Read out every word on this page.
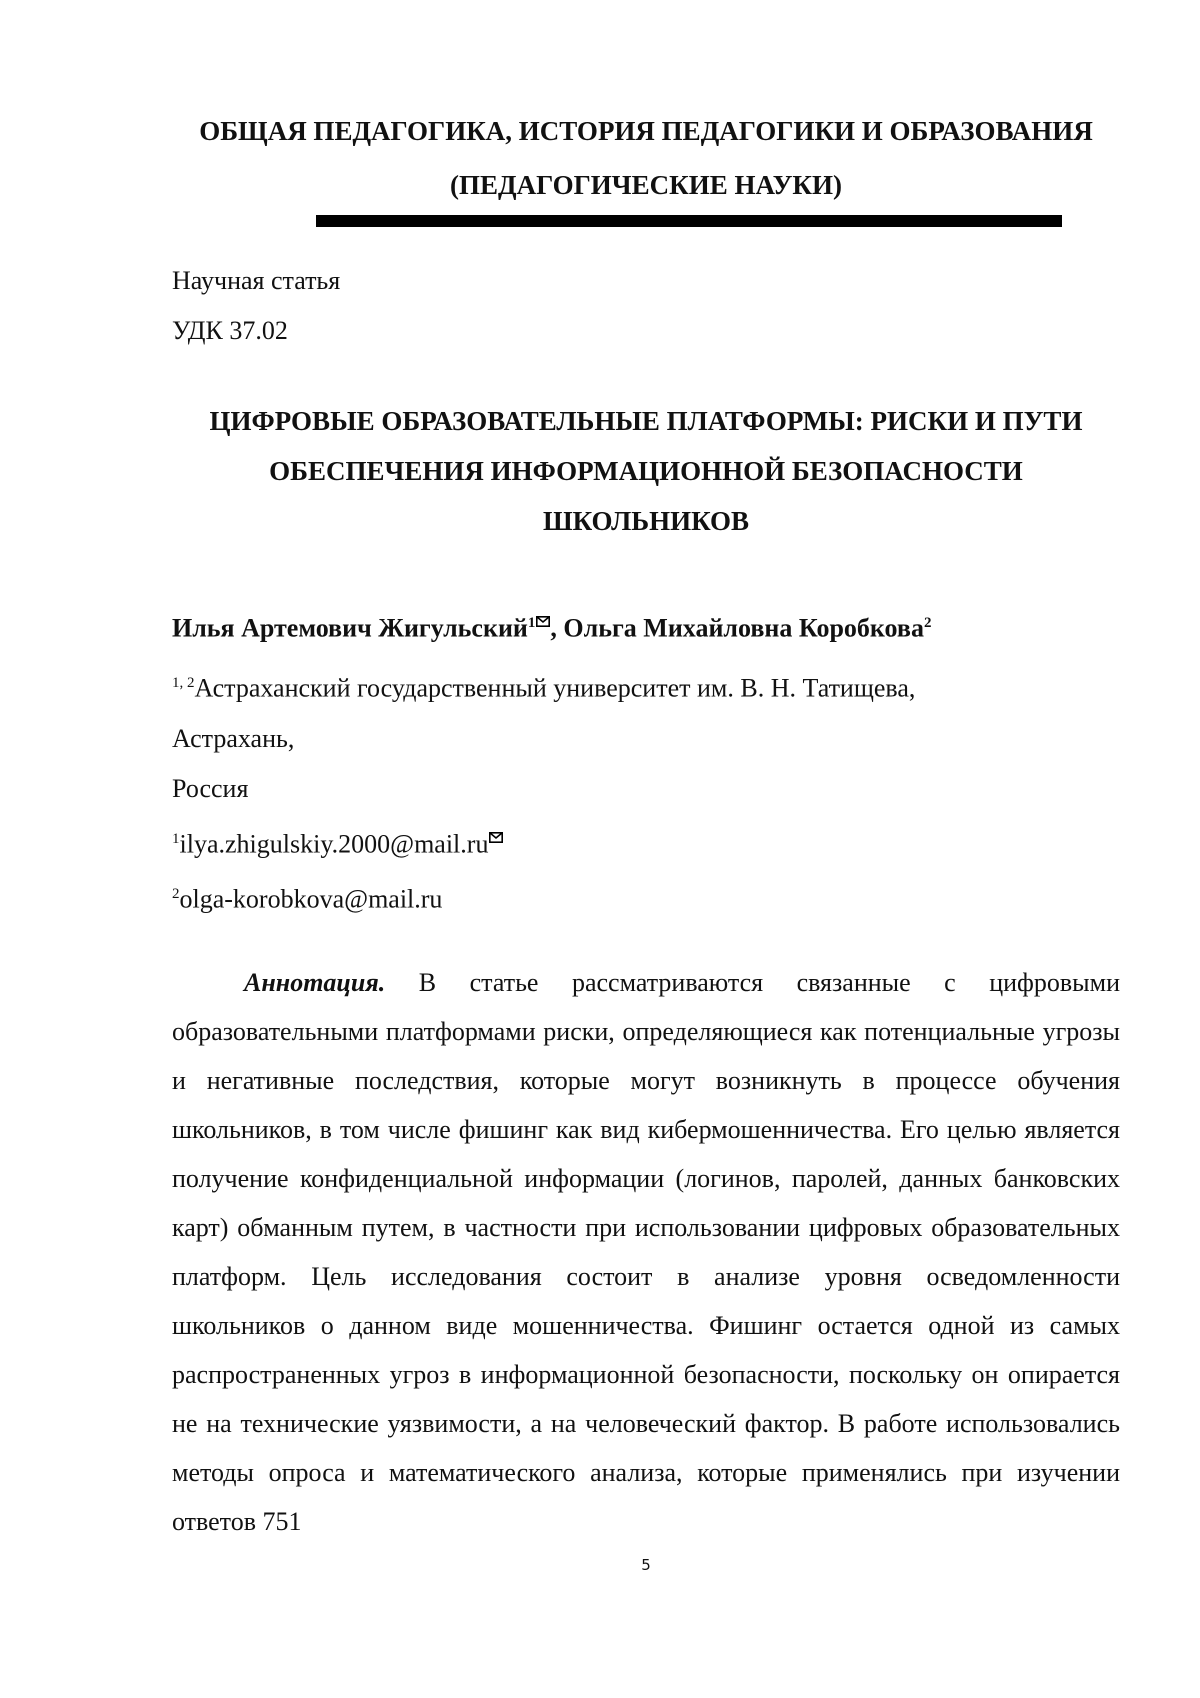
ОБЩАЯ ПЕДАГОГИКА, ИСТОРИЯ ПЕДАГОГИКИ И ОБРАЗОВАНИЯ
(ПЕДАГОГИЧЕСКИЕ НАУКИ)
Научная статья
УДК 37.02
ЦИФРОВЫЕ ОБРАЗОВАТЕЛЬНЫЕ ПЛАТФОРМЫ: РИСКИ И ПУТИ
ОБЕСПЕЧЕНИЯ ИНФОРМАЦИОННОЙ БЕЗОПАСНОСТИ
ШКОЛЬНИКОВ
Илья Артемович Жигульский$^1$ , Ольга Михайловна Коробкова$^2$
$^{1, 2}$Астраханский государственный университет им. В. Н. Татищева,
Астрахань,
Россия
$^1$ilya.zhigulskiy.2000@mail.ru
$^2$olga-korobkova@mail.ru
Аннотация. В статье рассматриваются связанные с цифровыми образовательными платформами риски, определяющиеся как потенциальные угрозы и негативные последствия, которые могут возникнуть в процессе обучения школьников, в том числе фишинг как вид кибермошенничества. Его целью является получение конфиденциальной информации (логинов, паролей, данных банковских карт) обманным путем, в частности при использовании цифровых образовательных платформ. Цель исследования состоит в анализе уровня осведомленности школьников о данном виде мошенничества. Фишинг остается одной из самых распространенных угроз в информационной безопасности, поскольку он опирается не на технические уязвимости, а на человеческий фактор. В работе использовались методы опроса и математического анализа, которые применялись при изучении ответов 751
5
